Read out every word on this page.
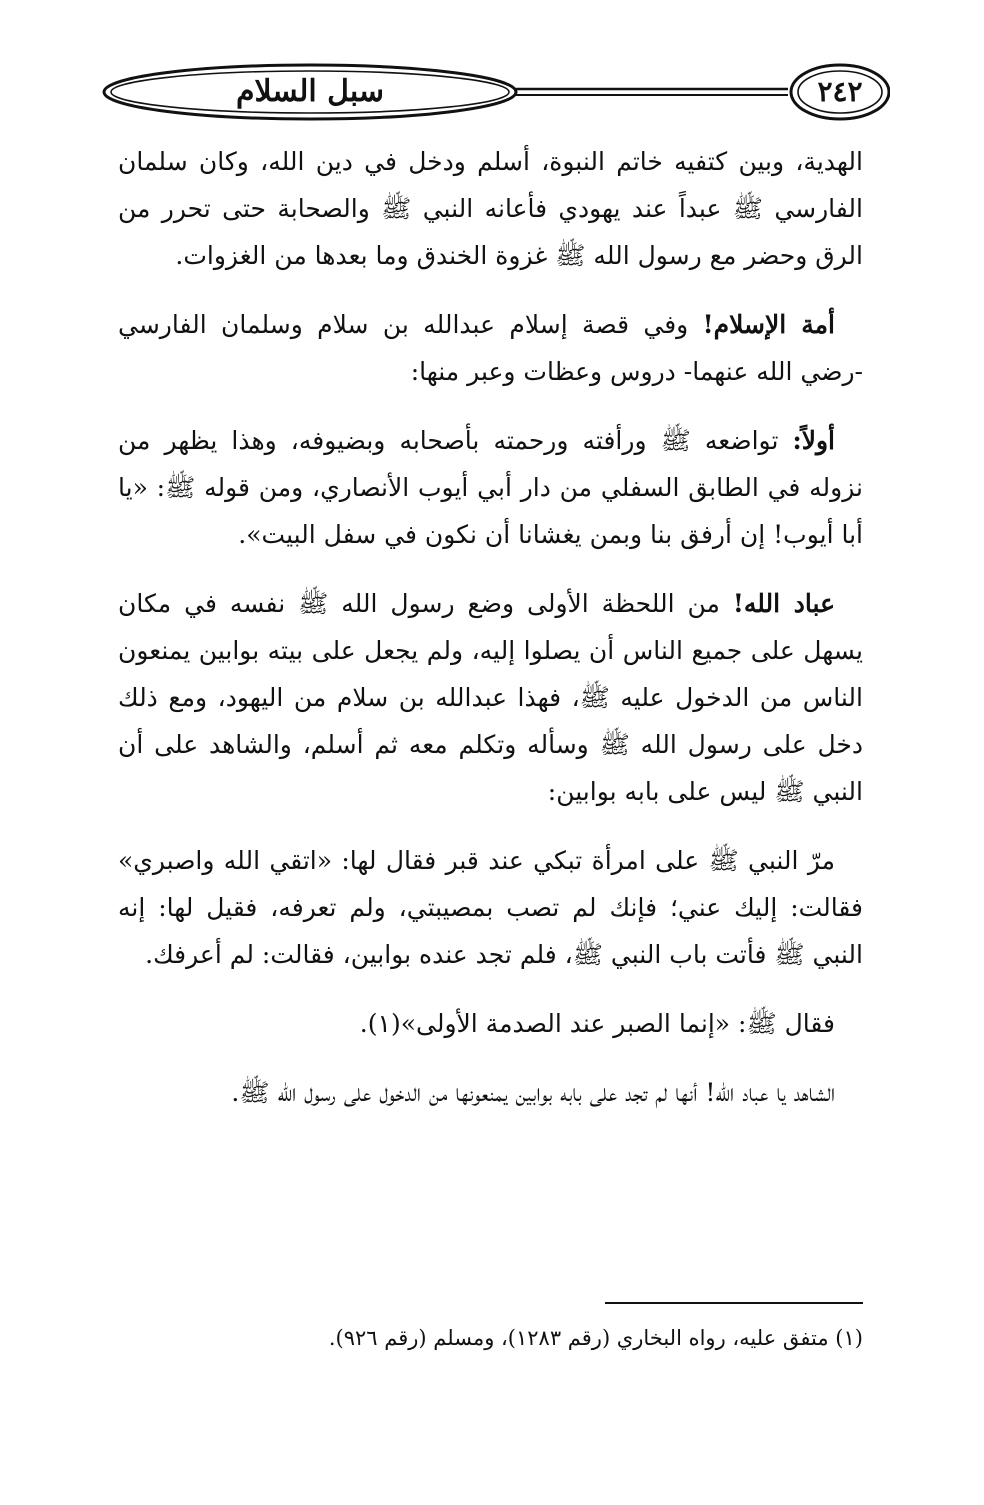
سبل السلام	٢٤٢

الهدية، وبين كتفيه خاتم النبوة، أسلم ودخل في دين الله، وكان سلمان الفارسي ﷺ عبداً عند يهودي فأعانه النبي ﷺ والصحابة حتى تحرر من الرق وحضر مع رسول الله ﷺ غزوة الخندق وما بعدها من الغزوات.

أمة الإسلام! وفي قصة إسلام عبدالله بن سلام وسلمان الفارسي -رضي الله عنهما- دروس وعظات وعبر منها:

أولاً: تواضعه ﷺ ورأفته ورحمته بأصحابه وبضيوفه، وهذا يظهر من نزوله في الطابق السفلي من دار أبي أيوب الأنصاري، ومن قوله ﷺ: «يا أبا أيوب! إن أرفق بنا وبمن يغشانا أن نكون في سفل البيت».

عباد الله! من اللحظة الأولى وضع رسول الله ﷺ نفسه في مكان يسهل على جميع الناس أن يصلوا إليه، ولم يجعل على بيته بوابين يمنعون الناس من الدخول عليه ﷺ، فهذا عبدالله بن سلام من اليهود، ومع ذلك دخل على رسول الله ﷺ وسأله وتكلم معه ثم أسلم، والشاهد على أن النبي ﷺ ليس على بابه بوابين:

مرّ النبي ﷺ على امرأة تبكي عند قبر فقال لها: «اتقي الله واصبري» فقالت: إليك عني؛ فإنك لم تصب بمصيبتي، ولم تعرفه، فقيل لها: إنه النبي ﷺ فأتت باب النبي ﷺ، فلم تجد عنده بوابين، فقالت: لم أعرفك.

فقال ﷺ: «إنما الصبر عند الصدمة الأولى»(١).

الشاهد يا عباد الله! أنها لم تجد على بابه بوابين يمنعونها من الدخول على رسول الله ﷺ.

(١) متفق عليه، رواه البخاري (رقم ١٢٨٣)، ومسلم (رقم ٩٢٦).
